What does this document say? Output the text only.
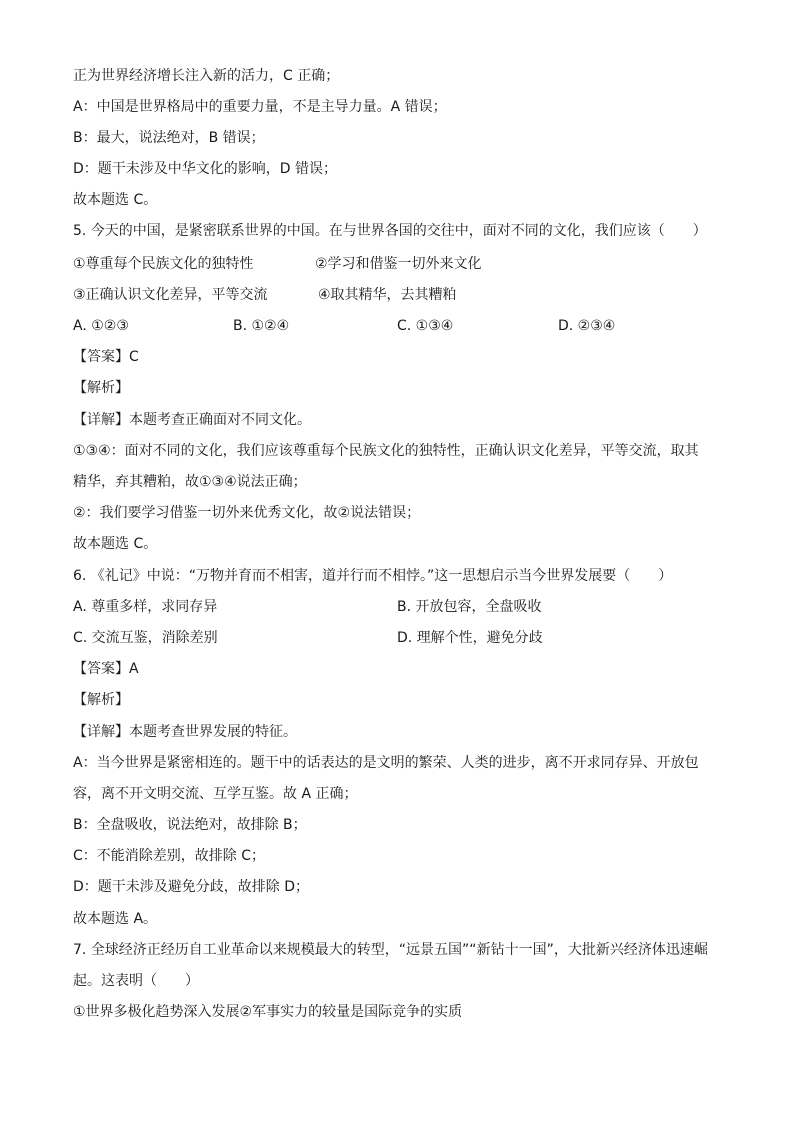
正为世界经济增长注入新的活力，C 正确；
A：中国是世界格局中的重要力量，不是主导力量。A 错误；
B：最大，说法绝对，B 错误；
D：题干未涉及中华文化的影响，D 错误；
故本题选 C。
5. 今天的中国，是紧密联系世界的中国。在与世界各国的交往中，面对不同的文化，我们应该（　　）
①尊重每个民族文化的独特性	②学习和借鉴一切外来文化
③正确认识文化差异，平等交流	④取其精华，去其糟粕
A. ①②③	B. ①②④	C. ①③④	D. ②③④
【答案】C
【解析】
【详解】本题考查正确面对不同文化。
①③④：面对不同的文化，我们应该尊重每个民族文化的独特性，正确认识文化差异，平等交流，取其
精华，弃其糟粕，故①③④说法正确；
②：我们要学习借鉴一切外来优秀文化，故②说法错误；
故本题选 C。
6. 《礼记》中说：“万物并育而不相害，道并行而不相悖。”这一思想启示当今世界发展要（　　）
A. 尊重多样，求同存异	B. 开放包容，全盘吸收
C. 交流互鉴，消除差别	D. 理解个性，避免分歧
【答案】A
【解析】
【详解】本题考查世界发展的特征。
A：当今世界是紧密相连的。题干中的话表达的是文明的繁荣、人类的进步，离不开求同存异、开放包
容，离不开文明交流、互学互鉴。故 A 正确；
B：全盘吸收，说法绝对，故排除 B；
C：不能消除差别，故排除 C；
D：题干未涉及避免分歧，故排除 D；
故本题选 A。
7. 全球经济正经历自工业革命以来规模最大的转型，“远景五国”“新钻十一国”，大批新兴经济体迅速崛
起。这表明（　　）
①世界多极化趋势深入发展②军事实力的较量是国际竞争的实质
